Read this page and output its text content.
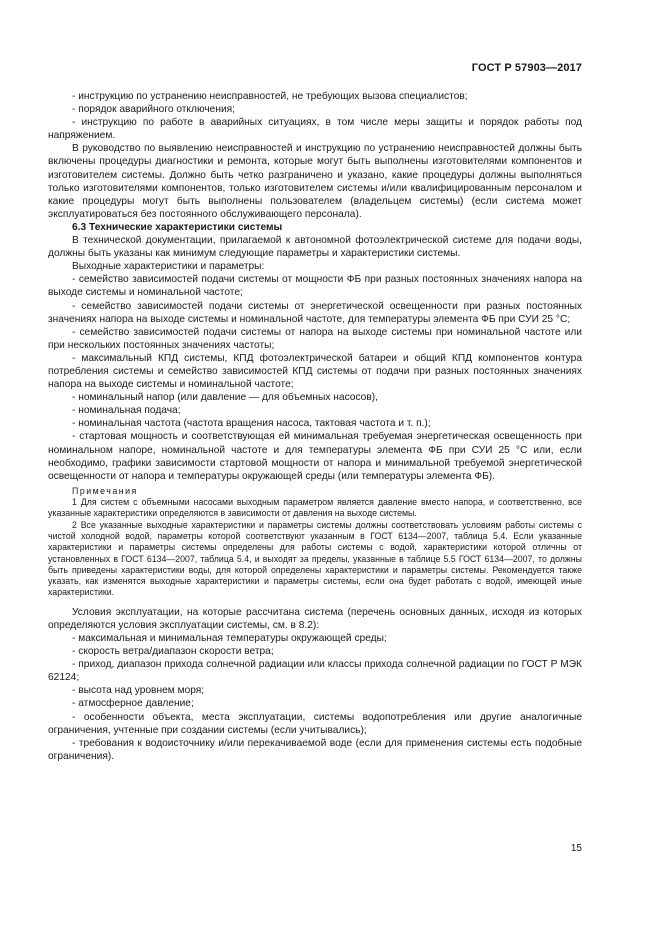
ГОСТ Р 57903—2017

- инструкцию по устранению неисправностей, не требующих вызова специалистов;

- порядок аварийного отключения;

- инструкцию по работе в аварийных ситуациях, в том числе меры защиты и порядок работы под напряжением.

В руководство по выявлению неисправностей и инструкцию по устранению неисправностей должны быть включены процедуры диагностики и ремонта, которые могут быть выполнены изготовителями компонентов и изготовителем системы. Должно быть четко разграничено и указано, какие процедуры должны выполняться только изготовителями компонентов, только изготовителем системы и/или квалифицированным персоналом и какие процедуры могут быть выполнены пользователем (владельцем системы) (если система может эксплуатироваться без постоянного обслуживающего персонала).

6.3 Технические характеристики системы

В технической документации, прилагаемой к автономной фотоэлектрической системе для подачи воды, должны быть указаны как минимум следующие параметры и характеристики системы.

Выходные характеристики и параметры:

- семейство зависимостей подачи системы от мощности ФБ при разных постоянных значениях напора на выходе системы и номинальной частоте;

- семейство зависимостей подачи системы от энергетической освещенности при разных постоянных значениях напора на выходе системы и номинальной частоте, для температуры элемента ФБ при СУИ 25 °С;

- семейство зависимостей подачи системы от напора на выходе системы при номинальной частоте или при нескольких постоянных значениях частоты;

- максимальный КПД системы, КПД фотоэлектрической батареи и общий КПД компонентов контура потребления системы и семейство зависимостей КПД системы от подачи при разных постоянных значениях напора на выходе системы и номинальной частоте;

- номинальный напор (или давление — для объемных насосов),

- номинальная подача;

- номинальная частота (частота вращения насоса, тактовая частота и т. п.);

- стартовая мощность и соответствующая ей минимальная требуемая энергетическая освещенность при номинальном напоре, номинальной частоте и для температуры элемента ФБ при СУИ 25 °С или, если необходимо, графики зависимости стартовой мощности от напора и минимальной требуемой энергетической освещенности от напора и температуры окружающей среды (или температуры элемента ФБ).

Примечания

1 Для систем с объемными насосами выходным параметром является давление вместо напора, и соответственно, все указанные характеристики определяются в зависимости от давления на выходе системы.

2 Все указанные выходные характеристики и параметры системы должны соответствовать условиям работы системы с чистой холодной водой, параметры которой соответствуют указанным в ГОСТ 6134—2007, таблица 5.4. Если указанные характеристики и параметры системы определены для работы системы с водой, характеристики которой отличны от установленных в ГОСТ 6134—2007, таблица 5.4, и выходят за пределы, указанные в таблице 5.5 ГОСТ 6134—2007, то должны быть приведены характеристики воды, для которой определены характеристики и параметры системы. Рекомендуется также указать, как изменятся выходные характеристики и параметры системы, если она будет работать с водой, имеющей иные характеристики.

Условия эксплуатации, на которые рассчитана система (перечень основных данных, исходя из которых определяются условия эксплуатации системы, см. в 8.2):

- максимальная и минимальная температуры окружающей среды;

- скорость ветра/диапазон скорости ветра;

- приход, диапазон прихода солнечной радиации или классы прихода солнечной радиации по ГОСТ Р МЭК 62124;

- высота над уровнем моря;

- атмосферное давление;

- особенности объекта, места эксплуатации, системы водопотребления или другие аналогичные ограничения, учтенные при создании системы (если учитывались);

- требования к водоисточнику и/или перекачиваемой воде (если для применения системы есть подобные ограничения).

15
